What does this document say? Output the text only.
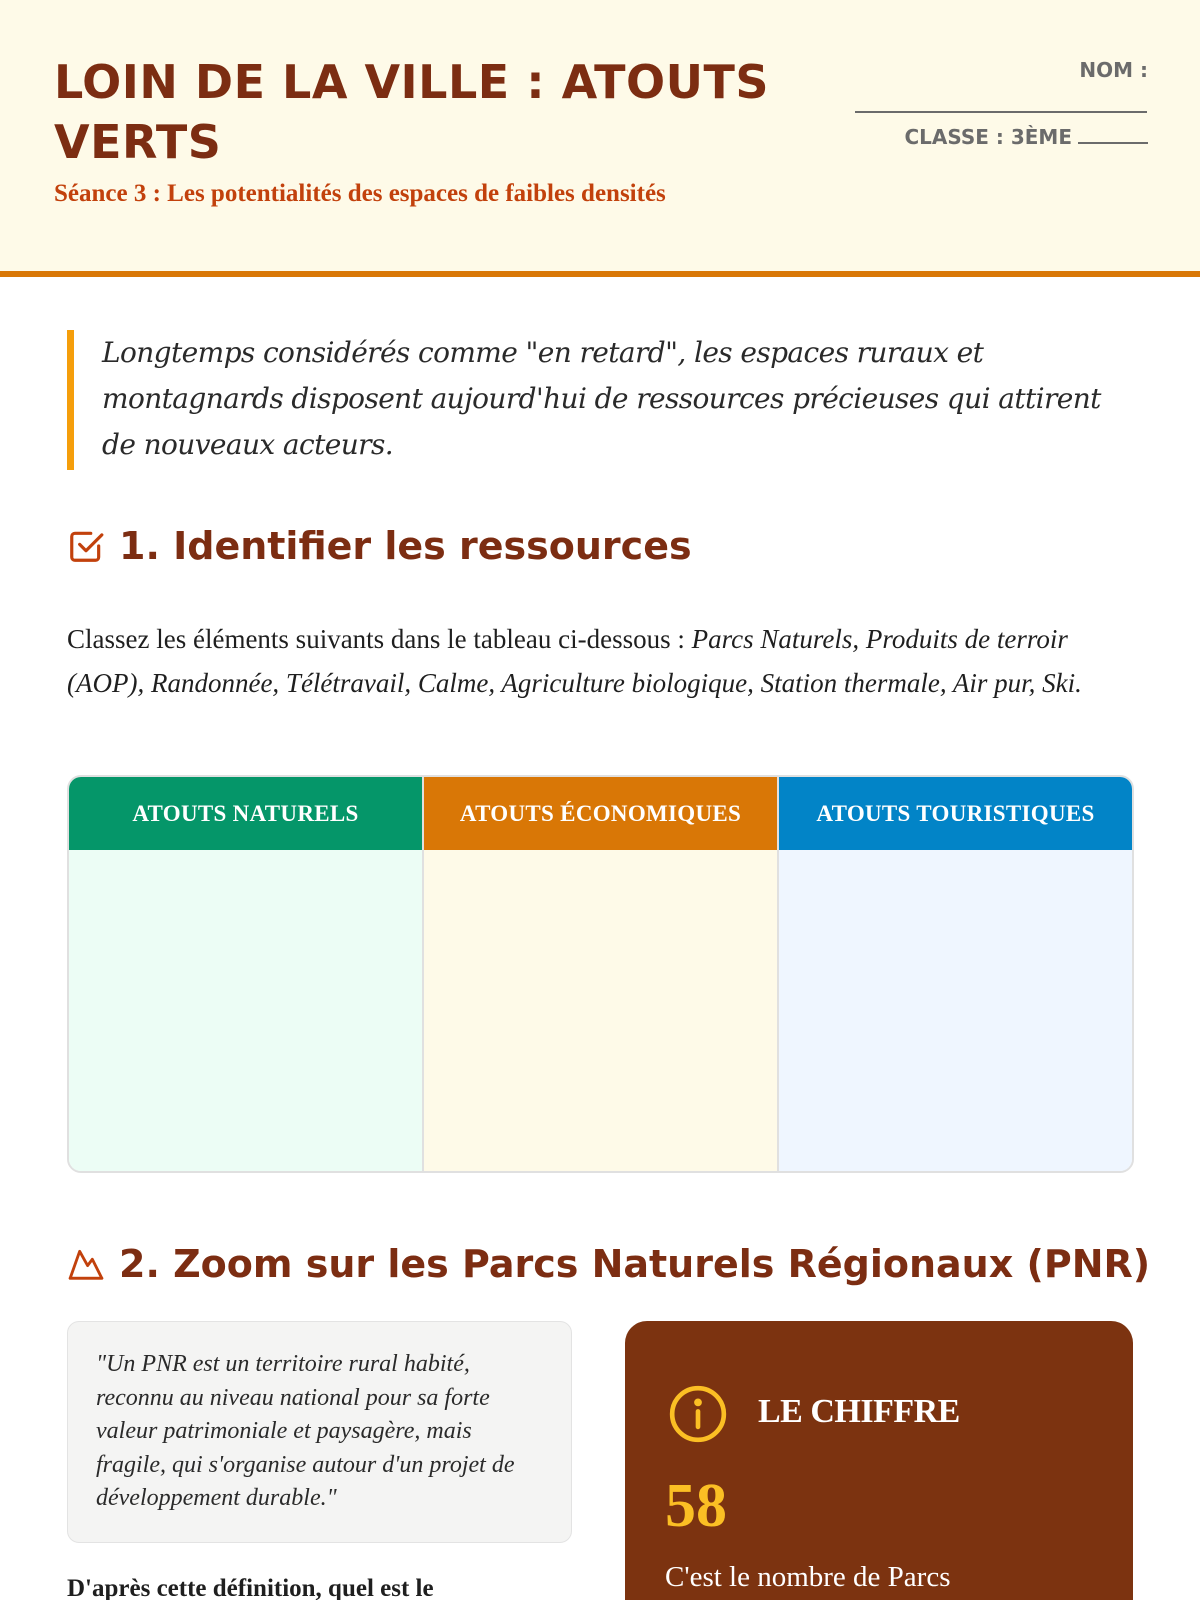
LOIN DE LA VILLE : ATOUTS VERTS
Séance 3 : Les potentialités des espaces de faibles densités
NOM :
CLASSE : 3ÈME
Longtemps considérés comme "en retard", les espaces ruraux et montagnards disposent aujourd'hui de ressources précieuses qui attirent de nouveaux acteurs.
1. Identifier les ressources
Classez les éléments suivants dans le tableau ci-dessous : Parcs Naturels, Produits de terroir (AOP), Randonnée, Télétravail, Calme, Agriculture biologique, Station thermale, Air pur, Ski.
ATOUTS NATURELS	ATOUTS ÉCONOMIQUES	ATOUTS TOURISTIQUES
2. Zoom sur les Parcs Naturels Régionaux (PNR)
"Un PNR est un territoire rural habité, reconnu au niveau national pour sa forte valeur patrimoniale et paysagère, mais fragile, qui s'organise autour d'un projet de développement durable."
D'après cette définition, quel est le
LE CHIFFRE
58
C'est le nombre de Parcs
